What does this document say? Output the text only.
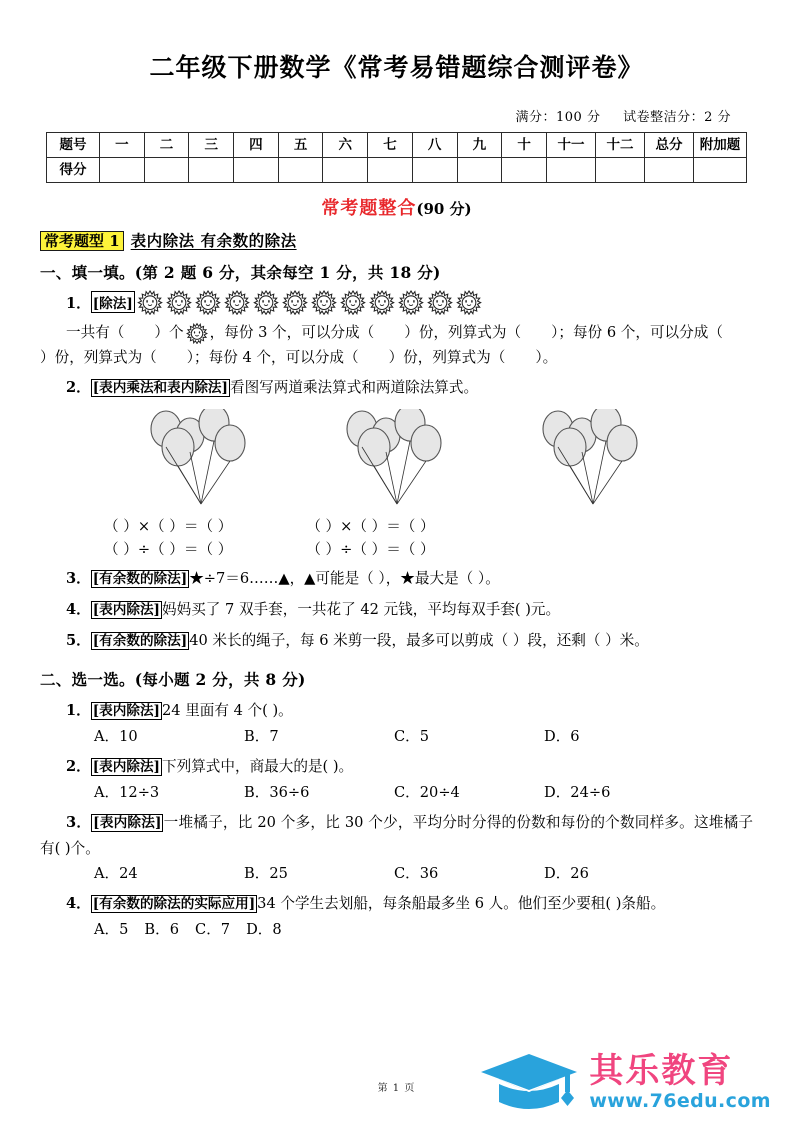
二年级下册数学《常考易错题综合测评卷》
满分：100 分 试卷整洁分：2 分
题号	一	二	三	四	五	六	七	八	九	十	十一	十二	总分	附加题
得分														
常考题整合(90 分)
常考题型 1 表内除法 有余数的除法
一、填一填。(第 2 题 6 分，其余每空 1 分，共 18 分)
1． [除法]
一共有（ ）个 ，每份 3 个，可以分成（ ）份，列算式为（ ）；每份 6 个，可以分成（）份，列算式为（ ）；每份 4 个，可以分成（ ）份，列算式为（ ）。
2． [表内乘法和表内除法] 看图写两道乘法算式和两道除法算式。
（ ）×（ ）＝（ ）	（ ）×（ ）＝（ ）
（ ）÷（ ）＝（ ）	（ ）÷（ ）＝（ ）
3． [有余数的除法] ★÷7＝6……▲，▲可能是（ ），★最大是（ ）。
4． [表内除法] 妈妈买了 7 双手套，一共花了 42 元钱，平均每双手套( )元。
5． [有余数的除法] 40 米长的绳子，每 6 米剪一段，最多可以剪成（ ）段，还剩（ ）米。
二、选一选。(每小题 2 分，共 8 分)
1． [表内除法] 24 里面有 4 个( )。
A．10	B．7	C．5	D．6
2． [表内除法] 下列算式中，商最大的是( )。
A．12÷3	B．36÷6	C．20÷4	D．24÷6
3． [表内除法] 一堆橘子，比 20 个多，比 30 个少，平均分时分得的份数和每份的个数同样多。这堆橘子有( )个。
A．24	B．25	C．36	D．26
4． [有余数的除法的实际应用] 34 个学生去划船，每条船最多坐 6 人。他们至少要租( )条船。
A．5 B．6 C．7 D．8
第 1 页	其乐教育
www.76edu.com
